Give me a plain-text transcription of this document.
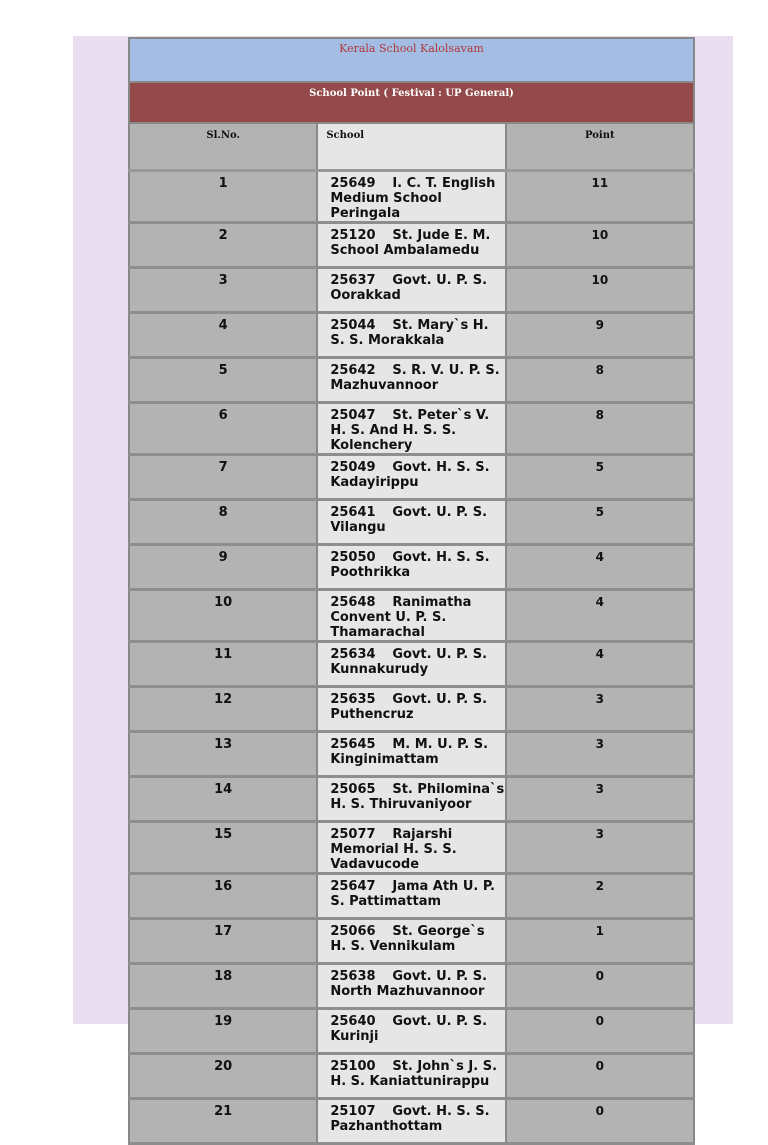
Kerala School Kalolsavam		
School Point ( Festival : UP General)		
Sl.No.	School	Point
1	25649 I. C. T. English Medium School Peringala	11
2	25120 St. Jude E. M. School Ambalamedu	10
3	25637 Govt. U. P. S. Oorakkad	10
4	25044 St. Mary`s H. S. S. Morakkala	9
5	25642 S. R. V. U. P. S. Mazhuvannoor	8
6	25047 St. Peter`s V. H. S. And H. S. S. Kolenchery	8
7	25049 Govt. H. S. S. Kadayirippu	5
8	25641 Govt. U. P. S. Vilangu	5
9	25050 Govt. H. S. S. Poothrikka	4
10	25648 Ranimatha Convent U. P. S. Thamarachal	4
11	25634 Govt. U. P. S. Kunnakurudy	4
12	25635 Govt. U. P. S. Puthencruz	3
13	25645 M. M. U. P. S. Kinginimattam	3
14	25065 St. Philomina`s H. S. Thiruvaniyoor	3
15	25077 Rajarshi Memorial H. S. S. Vadavucode	3
16	25647 Jama Ath U. P. S. Pattimattam	2
17	25066 St. George`s H. S. Vennikulam	1
18	25638 Govt. U. P. S. North Mazhuvannoor	0
19	25640 Govt. U. P. S. Kurinji	0
20	25100 St. John`s J. S. H. S. Kaniattunirappu	0
21	25107 Govt. H. S. S. Pazhanthottam	0
